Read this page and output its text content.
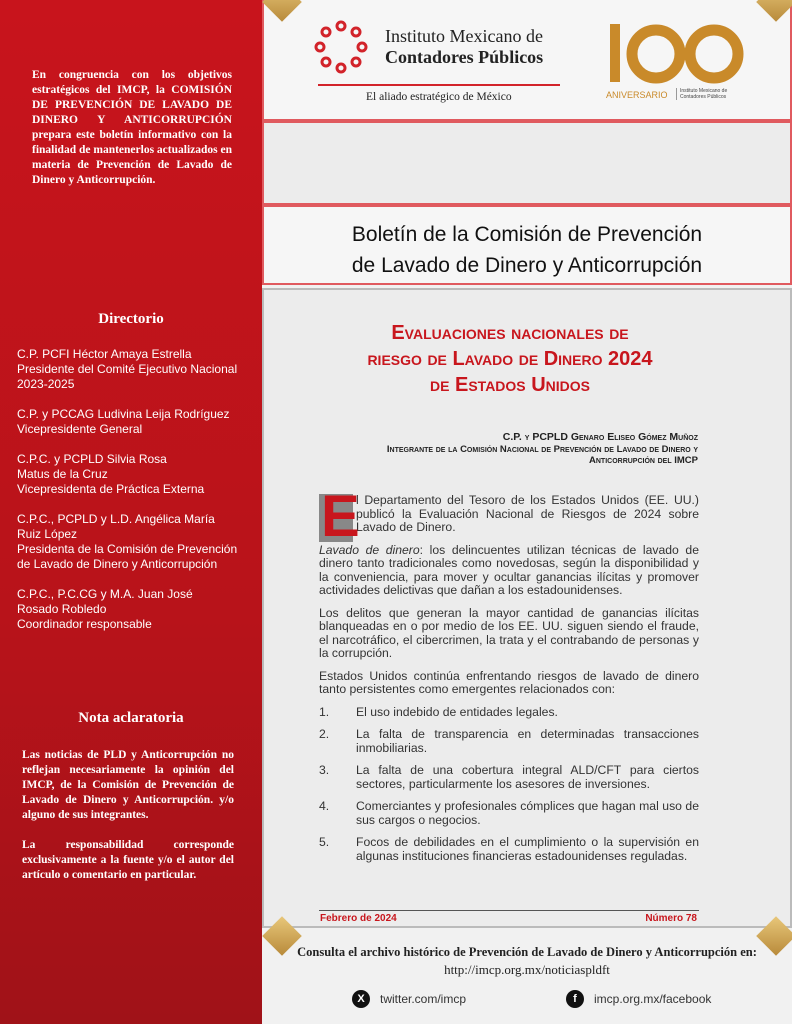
En congruencia con los objetivos estratégicos del IMCP, la COMISIÓN DE PREVENCIÓN DE LAVADO DE DINERO Y ANTICORRUPCIÓN prepara este boletín informativo con la finalidad de mantenerlos actualizados en materia de Prevención de Lavado de Dinero y Anticorrupción.
Directorio
C.P. PCFI Héctor Amaya Estrella
Presidente del Comité Ejecutivo Nacional
2023-2025
C.P. y PCCAG Ludivina Leija Rodríguez
Vicepresidente General
C.P.C. y PCPLD Silvia Rosa
Matus de la Cruz
Vicepresidenta de Práctica Externa
C.P.C., PCPLD y L.D. Angélica María
Ruiz López
Presidenta de la Comisión de Prevención
de Lavado de Dinero y Anticorrupción
C.P.C., P.C.CG y M.A. Juan José
Rosado Robledo
Coordinador responsable
Nota aclaratoria

Las noticias de PLD y Anticorrupción no reflejan necesariamente la opinión del IMCP, de la Comisión de Prevención de Lavado de Dinero y Anticorrupción. y/o alguno de sus integrantes.

La responsabilidad corresponde exclusivamente a la fuente y/o el autor del artículo o comentario en particular.

Instituto Mexicano de
Contadores Públicos
El aliado estratégico de México	ANIVERSARIO	Instituto Mexicano de Contadores Públicos
Boletín de la Comisión de Prevención
de Lavado de Dinero y Anticorrupción
Evaluaciones nacionales de
riesgo de Lavado de Dinero 2024
de Estados Unidos
C.P. y PCPLD Genaro Eliseo Gómez Muñoz
Integrante de la Comisión Nacional de Prevención de Lavado de Dinero y
Anticorrupción del IMCP

E
l Departamento del Tesoro de los Estados Unidos (EE. UU.) publicó la Evaluación Nacional de Riesgos de 2024 sobre Lavado de Dinero.

Lavado de dinero: los delincuentes utilizan técnicas de lavado de dinero tanto tradicionales como novedosas, según la disponibilidad y la conveniencia, para mover y ocultar ganancias ilícitas y promover actividades delictivas que dañan a los estadounidenses.

Los delitos que generan la mayor cantidad de ganancias ilícitas blanqueadas en o por medio de los EE. UU. siguen siendo el fraude, el narcotráfico, el cibercrimen, la trata y el contrabando de personas y la corrupción.

Estados Unidos continúa enfrentando riesgos de lavado de dinero tanto persistentes como emergentes relacionados con:

1.	El uso indebido de entidades legales.
2.	La falta de transparencia en determinadas transacciones inmobiliarias.
3.	La falta de una cobertura integral ALD/CFT para ciertos sectores, particularmente los asesores de inversiones.
4.	Comerciantes y profesionales cómplices que hagan mal uso de sus cargos o negocios.
5.	Focos de debilidades en el cumplimiento o la supervisión en algunas instituciones financieras estadounidenses reguladas.
Febrero de 2024	Número 78
Consulta el archivo histórico de Prevención de Lavado de Dinero y Anticorrupción en:
http://imcp.org.mx/noticiaspldft
X	twitter.com/imcp	f	imcp.org.mx/facebook
